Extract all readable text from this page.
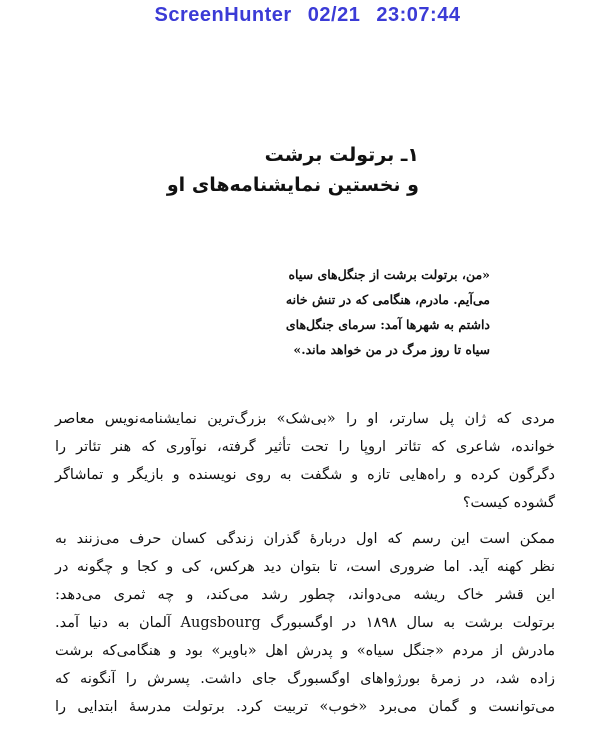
ScreenHunter 02/21 23:07:44
۱ـ برتولت برشت
و نخستین نمایشنامه‌های او
«من، برتولت برشت از جنگل‌های سیاه
می‌آیم. مادرم، هنگامی که در تنش خانه
داشتم به شهرها آمد: سرمای جنگل‌های
سیاه تا روز مرگ در من خواهد ماند.»
مردی که ژان پل سارتر، او را «بی‌شک» بزرگ‌ترین نمایشنامه‌نویس معاصر
خوانده، شاعری که تئاتر اروپا را تحت تأثیر گرفته، نوآوری که هنر تئاتر را
دگرگون کرده و راه‌هایی تازه و شگفت به روی نویسنده و بازیگر و تماشاگر
گشوده کیست؟
ممکن است این رسم که اول دربارهٔ گذران زندگی کسان حرف می‌زنند به
نظر کهنه آید. اما ضروری است، تا بتوان دید هرکس، کی و کجا و چگونه در
این قشر خاک ریشه می‌دواند، چطور رشد می‌کند، و چه ثمری می‌دهد:
برتولت برشت به سال ۱۸۹۸ در اوگسبورگ Augsbourg آلمان به دنیا آمد.
مادرش از مردم «جنگل سیاه» و پدرش اهل «باویر» بود و هنگامی‌که برشت
زاده شد، در زمرهٔ بورژواهای اوگسبورگ جای داشت. پسرش را آنگونه که
می‌توانست و گمان می‌برد «خوب» تربیت کرد. برتولت مدرسهٔ ابتدایی را
